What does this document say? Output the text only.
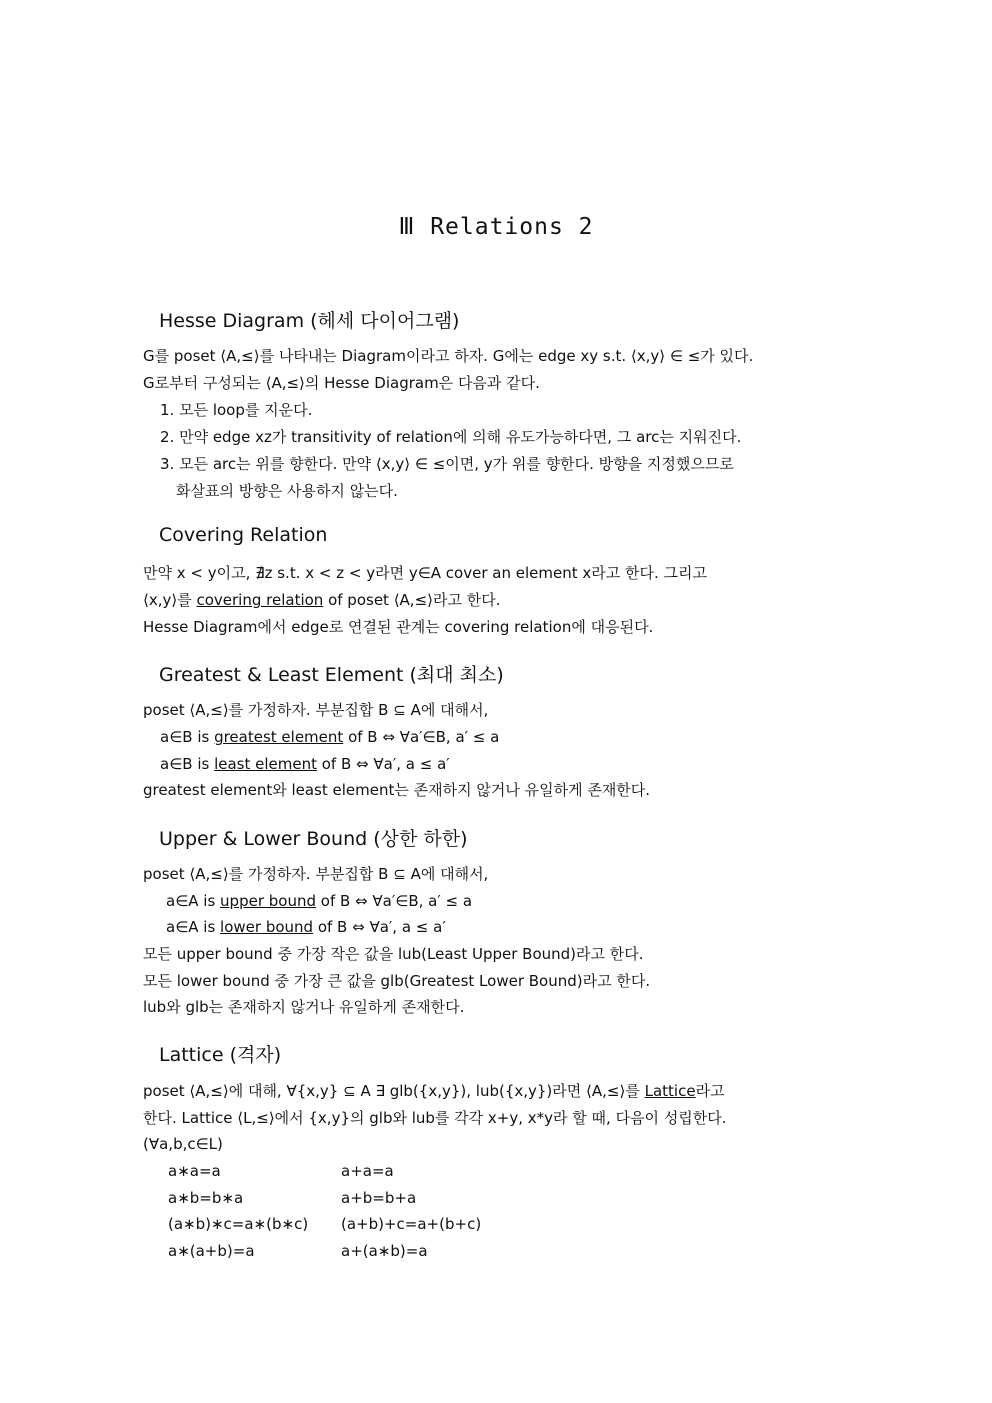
Ⅲ Relations 2
Hesse Diagram (헤세 다이어그램)
G를 poset ⟨A,≤⟩를 나타내는 Diagram이라고 하자. G에는 edge xy s.t. ⟨x,y⟩ ∈ ≤가 있다.
G로부터 구성되는 ⟨A,≤⟩의 Hesse Diagram은 다음과 같다.
1. 모든 loop를 지운다.
2. 만약 edge xz가 transitivity of relation에 의해 유도가능하다면, 그 arc는 지워진다.
3. 모든 arc는 위를 향한다. 만약 ⟨x,y⟩ ∈ ≤이면, y가 위를 향한다. 방향을 지정했으므로
화살표의 방향은 사용하지 않는다.
Covering Relation
만약 x < y이고, ∄z s.t. x < z < y라면 y∈A cover an element x라고 한다. 그리고
⟨x,y⟩를 covering relation of poset ⟨A,≤⟩라고 한다.
Hesse Diagram에서 edge로 연결된 관계는 covering relation에 대응된다.
Greatest & Least Element (최대 최소)
poset ⟨A,≤⟩를 가정하자. 부분집합 B ⊆ A에 대해서,
a∈B is greatest element of B ⇔ ∀a′∈B, a′ ≤ a
a∈B is least element of B ⇔ ∀a′, a ≤ a′
greatest element와 least element는 존재하지 않거나 유일하게 존재한다.
Upper & Lower Bound (상한 하한)
poset ⟨A,≤⟩를 가정하자. 부분집합 B ⊆ A에 대해서,
a∈A is upper bound of B ⇔ ∀a′∈B, a′ ≤ a
a∈A is lower bound of B ⇔ ∀a′, a ≤ a′
모든 upper bound 중 가장 작은 값을 lub(Least Upper Bound)라고 한다.
모든 lower bound 중 가장 큰 값을 glb(Greatest Lower Bound)라고 한다.
lub와 glb는 존재하지 않거나 유일하게 존재한다.
Lattice (격자)
poset ⟨A,≤⟩에 대해, ∀{x,y} ⊆ A ∃ glb({x,y}), lub({x,y})라면 ⟨A,≤⟩를 Lattice라고
한다. Lattice ⟨L,≤⟩에서 {x,y}의 glb와 lub를 각각 x+y, x*y라 할 때, 다음이 성립한다.
(∀a,b,c∈L)
a∗a=a	a+a=a
a∗b=b∗a	a+b=b+a
(a∗b)∗c=a∗(b∗c) (a+b)+c=a+(b+c)
a∗(a+b)=a	a+(a∗b)=a
